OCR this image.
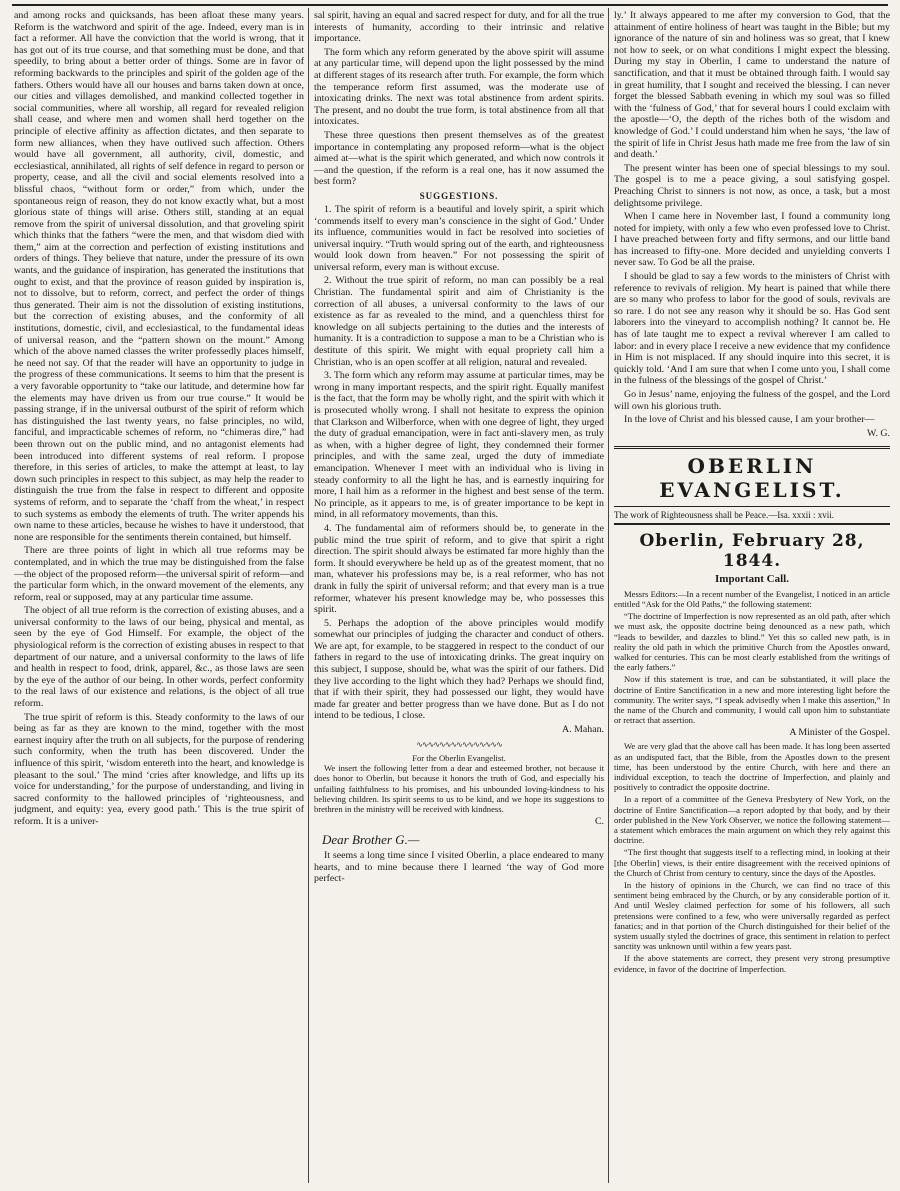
and among rocks and quicksands, has been afloat these many years. Reform is the watchword and spirit of the age. Indeed, every man is in fact a reformer. All have the conviction that the world is wrong, that it has got out of its true course, and that something must be done, and that speedily, to bring about a better order of things. Some are in favor of reforming backwards to the principles and spirit of the golden age of the fathers. Others would have all our houses and barns taken down at once, our cities and villages demolished, and mankind collected together in social communities, where all worship, all regard for revealed religion shall cease, and where men and women shall herd together on the principle of elective affinity as affection dictates, and then separate to form new alliances, when they have outlived such affection. Others would have all government, all authority, civil, domestic, and ecclesiastical, annihilated, all rights of self defence in regard to person or property, cease, and all the civil and social elements resolved into a blissful chaos, “without form or order,” from which, under the spontaneous reign of reason, they do not know exactly what, but a most glorious state of things will arise. Others still, standing at an equal remove from the spirit of universal dissolution, and that groveling spirit which thinks that the fathers “were the men, and that wisdom died with them,” aim at the correction and perfection of existing institutions and orders of things. They believe that nature, under the pressure of its own wants, and the guidance of inspiration, has generated the institutions that ought to exist, and that the province of reason guided by inspiration is, not to dissolve, but to reform, correct, and perfect the order of things thus generated. Their aim is not the dissolution of existing institutions, but the correction of existing abuses, and the conformity of all institutions, domestic, civil, and ecclesiastical, to the fundamental ideas of universal reason, and the “pattern shown on the mount.” Among which of the above named classes the writer professedly places himself, he need not say. Of that the reader will have an opportunity to judge in the progress of these communications. It seems to him that the present is a very favorable opportunity to “take our latitude, and determine how far the elements may have driven us from our true course.” It would be passing strange, if in the universal outburst of the spirit of reform which has distinguished the last twenty years, no false principles, no wild, fanciful, and impracticable schemes of reform, no “chimeras dire,” had been thrown out on the public mind, and no antagonist elements had been introduced into different systems of real reform. I propose therefore, in this series of articles, to make the attempt at least, to lay down such principles in respect to this subject, as may help the reader to distinguish the true from the false in respect to different and opposite systems of reform, and to separate the ‘chaff from the wheat,’ in respect to such systems as embody the elements of truth. The writer appends his own name to these articles, because he wishes to have it understood, that none are responsible for the sentiments therein contained, but himself.

There are three points of light in which all true reforms may be contemplated, and in which the true may be distinguished from the false—the object of the proposed reform—the universal spirit of reform—and the particular form which, in the onward movement of the elements, any reform, real or supposed, may at any particular time assume.

The object of all true reform is the correction of existing abuses, and a universal conformity to the laws of our being, physical and mental, as seen by the eye of God Himself. For example, the object of the physiological reform is the correction of existing abuses in respect to that department of our nature, and a universal conformity to the laws of life and health in respect to food, drink, apparel, &c., as those laws are seen by the eye of the author of our being. In other words, perfect conformity to the real laws of our existence and relations, is the object of all true reform.

The true spirit of reform is this. Steady conformity to the laws of our being as far as they are known to the mind, together with the most earnest inquiry after the truth on all subjects, for the purpose of rendering such conformity, when the truth has been discovered. Under the influence of this spirit, ‘wisdom entereth into the heart, and knowledge is pleasant to the soul.’ The mind ‘cries after knowledge, and lifts up its voice for understanding,’ for the purpose of understanding, and living in sacred conformity to the hallowed principles of ‘righteousness, and judgment, and equity: yea, every good path.’ This is the true spirit of reform. It is a univer-

sal spirit, having an equal and sacred respect for duty, and for all the true interests of humanity, according to their intrinsic and relative importance.

The form which any reform generated by the above spirit will assume at any particular time, will depend upon the light possessed by the mind at different stages of its research after truth. For example, the form which the temperance reform first assumed, was the moderate use of intoxicating drinks. The next was total abstinence from ardent spirits. The present, and no doubt the true form, is total abstinence from all that intoxicates.

These three questions then present themselves as of the greatest importance in contemplating any proposed reform—what is the object aimed at—what is the spirit which generated, and which now controls it—and the question, if the reform is a real one, has it now assumed the best form?

SUGGESTIONS.

1. The spirit of reform is a beautiful and lovely spirit, a spirit which ‘commends itself to every man’s conscience in the sight of God.’ Under its influence, communities would in fact be resolved into societies of universal inquiry. “Truth would spring out of the earth, and righteousness would look down from heaven.” For not possessing the spirit of universal reform, every man is without excuse.

2. Without the true spirit of reform, no man can possibly be a real Christian. The fundamental spirit and aim of Christianity is the correction of all abuses, a universal conformity to the laws of our existence as far as revealed to the mind, and a quenchless thirst for knowledge on all subjects pertaining to the duties and the interests of humanity. It is a contradiction to suppose a man to be a Christian who is destitute of this spirit. We might with equal propriety call him a Christian, who is an open scoffer at all religion, natural and revealed.

3. The form which any reform may assume at particular times, may be wrong in many important respects, and the spirit right. Equally manifest is the fact, that the form may be wholly right, and the spirit with which it is prosecuted wholly wrong. I shall not hesitate to express the opinion that Clarkson and Wilberforce, when with one degree of light, they urged the duty of gradual emancipation, were in fact anti-slavery men, as truly as when, with a higher degree of light, they condemned their former principles, and with the same zeal, urged the duty of immediate emancipation. Whenever I meet with an individual who is living in steady conformity to all the light he has, and is earnestly inquiring for more, I hail him as a reformer in the highest and best sense of the term. No principle, as it appears to me, is of greater importance to be kept in mind, in all reformatory movements, than this.

4. The fundamental aim of reformers should be, to generate in the public mind the true spirit of reform, and to give that spirit a right direction. The spirit should always be estimated far more highly than the form. It should everywhere be held up as of the greatest moment, that no man, whatever his professions may be, is a real reformer, who has not drank in fully the spirit of universal reform; and that every man is a true reformer, whatever his present knowledge may be, who possesses this spirit.

5. Perhaps the adoption of the above principles would modify somewhat our principles of judging the character and conduct of others. We are apt, for example, to be staggered in respect to the conduct of our fathers in regard to the use of intoxicating drinks. The great inquiry on this subject, I suppose, should be, what was the spirit of our fathers. Did they live according to the light which they had? Perhaps we should find, that if with their spirit, they had possessed our light, they would have made far greater and better progress than we have done. But as I do not intend to be tedious, I close.

A. Mahan.
∿∿∿∿∿∿∿∿∿∿∿∿∿∿∿
For the Oberlin Evangelist.

We insert the following letter from a dear and esteemed brother, not because it does honor to Oberlin, but because it honors the truth of God, and especially his unfailing faithfulness to his promises, and his unbounded loving-kindness to his believing children. Its spirit seems to us to be kind, and we hope its suggestions to brethren in the ministry will be received with kindness.

C.
Dear Brother G.—

It seems a long time since I visited Oberlin, a place endeared to many hearts, and to mine because there I learned ‘the way of God more perfect-

ly.’ It always appeared to me after my conversion to God, that the attainment of entire holiness of heart was taught in the Bible; but my ignorance of the nature of sin and holiness was so great, that I knew not how to seek, or on what conditions I might expect the blessing. During my stay in Oberlin, I came to understand the nature of sanctification, and that it must be obtained through faith. I would say in great humility, that I sought and received the blessing. I can never forget the blessed Sabbath evening in which my soul was so filled with the ‘fulness of God,’ that for several hours I could exclaim with the apostle—‘O, the depth of the riches both of the wisdom and knowledge of God.’ I could understand him when he says, ‘the law of the spirit of life in Christ Jesus hath made me free from the law of sin and death.’

The present winter has been one of special blessings to my soul. The gospel is to me a peace giving, a soul satisfying gospel. Preaching Christ to sinners is not now, as once, a task, but a most delightsome privilege.

When I came here in November last, I found a community long noted for impiety, with only a few who even professed love to Christ. I have preached between forty and fifty sermons, and our little band has increased to fifty-one. More decided and unyielding converts I never saw. To God be all the praise.

I should be glad to say a few words to the ministers of Christ with reference to revivals of religion. My heart is pained that while there are so many who profess to labor for the good of souls, revivals are so rare. I do not see any reason why it should be so. Has God sent laborers into the vineyard to accomplish nothing? It cannot be. He has of late taught me to expect a revival wherever I am called to labor: and in every place I receive a new evidence that my confidence in Him is not misplaced. If any should inquire into this secret, it is quickly told. ‘And I am sure that when I come unto you, I shall come in the fulness of the blessings of the gospel of Christ.’

Go in Jesus’ name, enjoying the fulness of the gospel, and the Lord will own his glorious truth.

In the love of Christ and his blessed cause, I am your brother—

W. G.
OBERLIN EVANGELIST.
The work of Righteousness shall be Peace.—Isa. xxxii : xvii.
Oberlin, February 28, 1844.
Important Call.

Messrs Editors:—In a recent number of the Evangelist, I noticed in an article entitled “Ask for the Old Paths,” the following statement:

“The doctrine of Imperfection is now represented as an old path, after which we must ask, the opposite doctrine being denounced as a new path, which “leads to bewilder, and dazzles to blind.” Yet this so called new path, is in reality the old path in which the primitive Church from the Apostles onward, walked for centuries. This can be most clearly established from the writings of the early fathers.”

Now if this statement is true, and can be substantiated, it will place the doctrine of Entire Sanctification in a new and more interesting light before the community. The writer says, “I speak advisedly when I make this assertion,” In the name of the Church and community, I would call upon him to substantiate or retract that assertion.

A Minister of the Gospel.

We are very glad that the above call has been made. It has long been asserted as an undisputed fact, that the Bible, from the Apostles down to the present time, has been understood by the entire Church, with here and there an individual exception, to teach the doctrine of Imperfection, and plainly and positively to contradict the opposite doctrine.

In a report of a committee of the Geneva Presbytery of New York, on the doctrine of Entire Sanctification—a report adopted by that body, and by their order published in the New York Observer, we notice the following statement—a statement which embraces the main argument on which they rely against this doctrine.

“The first thought that suggests itself to a reflecting mind, in looking at their [the Oberlin] views, is their entire disagreement with the received opinions of the Church of Christ from century to century, since the days of the Apostles.

In the history of opinions in the Church, we can find no trace of this sentiment being embraced by the Church, or by any considerable portion of it. And until Wesley claimed perfection for some of his followers, all such pretensions were confined to a few, who were universally regarded as perfect fanatics; and in that portion of the Church distinguished for their belief of the system usually styled the doctrines of grace, this sentiment in relation to perfect sanctity was unknown until within a few years past.

If the above statements are correct, they present very strong presumptive evidence, in favor of the doctrine of Imperfection.
